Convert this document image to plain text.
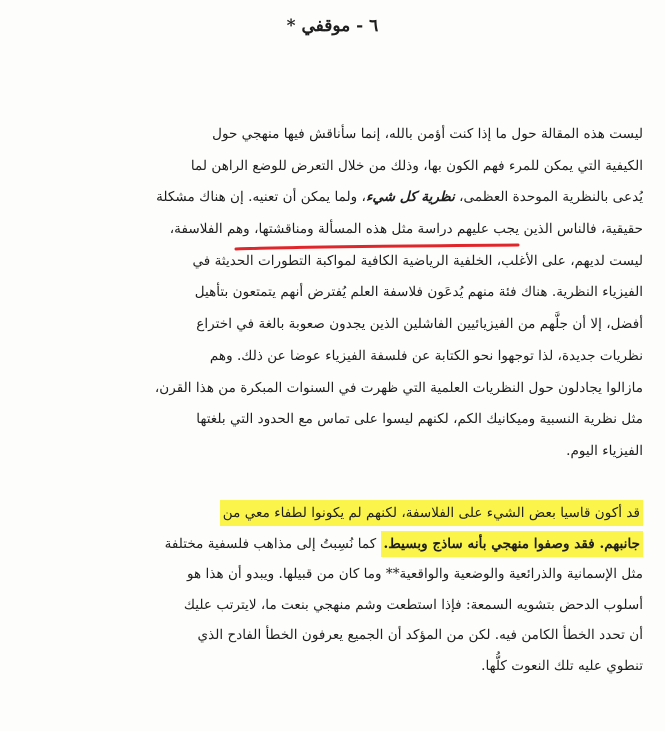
٦ - موقفي *
ليست هذه المقالة حول ما إذا كنت أؤمن بالله، إنما سأناقش فيها منهجي حول
الكيفية التي يمكن للمرء فهم الكون بها، وذلك من خلال التعرض للوضع الراهن لما
يُدعى بالنظرية الموحدة العظمى، نظرية كل شيء، ولما يمكن أن تعنيه. إن هناك مشكلة
حقيقية، فالناس الذين يجب عليهم دراسة مثل هذه المسألة ومناقشتها، وهم الفلاسفة،
ليست لديهم، على الأغلب، الخلفية الرياضية الكافية لمواكبة التطورات الحديثة في
الفيزياء النظرية. هناك فئة منهم يُدعَون فلاسفة العلم يُفترض أنهم يتمتعون بتأهيل
أفضل، إلا أن جلَّهم من الفيزيائيين الفاشلين الذين يجدون صعوبة بالغة في اختراع
نظريات جديدة، لذا توجهوا نحو الكتابة عن فلسفة الفيزياء عوضا عن ذلك. وهم
مازالوا يجادلون حول النظريات العلمية التي ظهرت في السنوات المبكرة من هذا القرن،
مثل نظرية النسبية وميكانيك الكم، لكنهم ليسوا على تماس مع الحدود التي بلغتها
الفيزياء اليوم.
قد أكون قاسيا بعض الشيء على الفلاسفة، لكنهم لم يكونوا لطفاء معي من
جانبهم. فقد وصفوا منهجي بأنه ساذج وبسيط. كما نُسِبتُ إلى مذاهب فلسفية مختلفة
مثل الإسمانية والذرائعية والوضعية والواقعية** وما كان من قبيلها. ويبدو أن هذا هو
أسلوب الدحض بتشويه السمعة: فإذا استطعت وشم منهجي بنعت ما، لايترتب عليك
أن تحدد الخطأ الكامن فيه. لكن من المؤكد أن الجميع يعرفون الخطأ الفادح الذي
تنطوي عليه تلك النعوت كلُّها.
